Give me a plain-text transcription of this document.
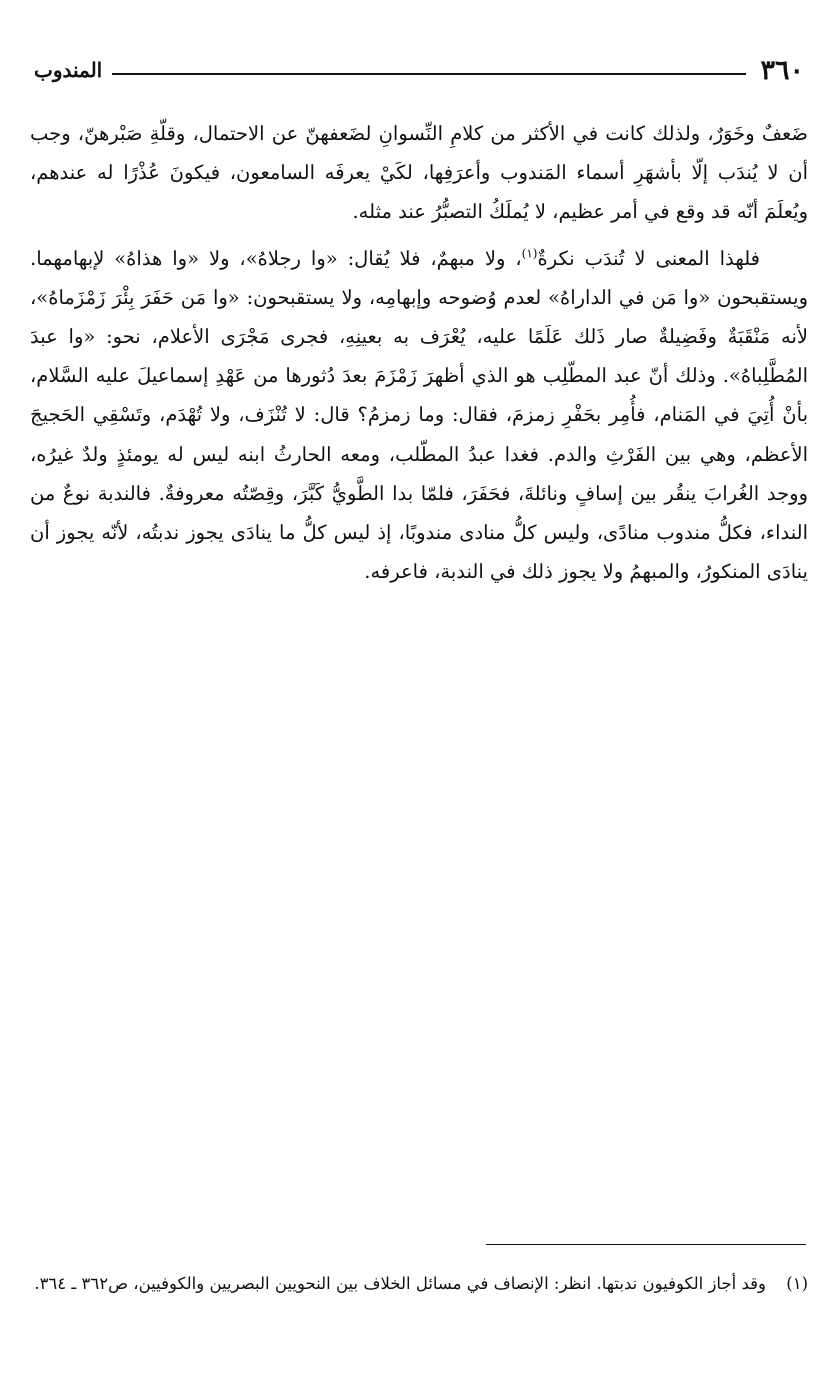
٣٦٠
المندوب

ضَعفٌ وخَوَرٌ، ولذلك كانت في الأكثر من كلامِ النِّسوانِ لضَعفهنّ عن الاحتمال، وقلّةِ صَبْرهنّ، وجب أن لا يُندَب إلّا بأشهَرِ أسماء المَندوب وأعرَفِها، لكَيْ يعرفَه السامعون، فيكونَ عُذْرًا له عندهم، ويُعلَمَ أنّه قد وقع في أمر عظيم، لا يُملَكُ التصبُّرُ عند مثله.

فلهذا المعنى لا تُندَب نكرةٌ$^{(١)}$، ولا مبهمٌ، فلا يُقال: «وا رجلاهُ»، ولا «وا هذاهُ» لإبهامهما. ويستقبحون «وا مَن في الداراهُ» لعدم وُضوحه وإبهامِه، ولا يستقبحون: «وا مَن حَفَرَ بِئْرَ زَمْزَماهُ»، لأنه مَنْقَبَةٌ وفَضِيلةٌ صار ذَلك عَلَمًا عليه، يُعْرَف به بعينِهِ، فجرى مَجْرَى الأعلام، نحو: «وا عبدَ المُطَّلِباهُ». وذلك أنّ عبد المطّلِب هو الذي أظهرَ زَمْزَمَ بعدَ دُثورها من عَهْدِ إسماعيلَ عليه السَّلام، بأنْ أُتِيَ في المَنام، فأُمِر بحَفْرِ زمزمَ، فقال: وما زمزمُ؟ قال: لا تُنْزَف، ولا تُهْدَم، وتَسْقِي الحَجيجَ الأعظم، وهي بين الفَرْثِ والدم. فغدا عبدُ المطّلب، ومعه الحارثُ ابنه ليس له يومئذٍ ولدٌ غيرُه، ووجد الغُرابَ ينقُر بين إسافٍ ونائلةَ، فحَفَرَ، فلمّا بدا الطَّويُّ كَبَّرَ، وقِصّتُه معروفةٌ. فالندبة نوعٌ من النداء، فكلُّ مندوب منادًى، وليس كلُّ منادى مندوبًا، إذ ليس كلُّ ما ينادَى يجوز ندبتُه، لأنّه يجوز أن ينادَى المنكورُ، والمبهمُ ولا يجوز ذلك في الندبة، فاعرفه.

(١)
وقد أجاز الكوفيون ندبتها. انظر: الإنصاف في مسائل الخلاف بين النحويين البصريين والكوفيين، ص٣٦٢ ـ ٣٦٤.
